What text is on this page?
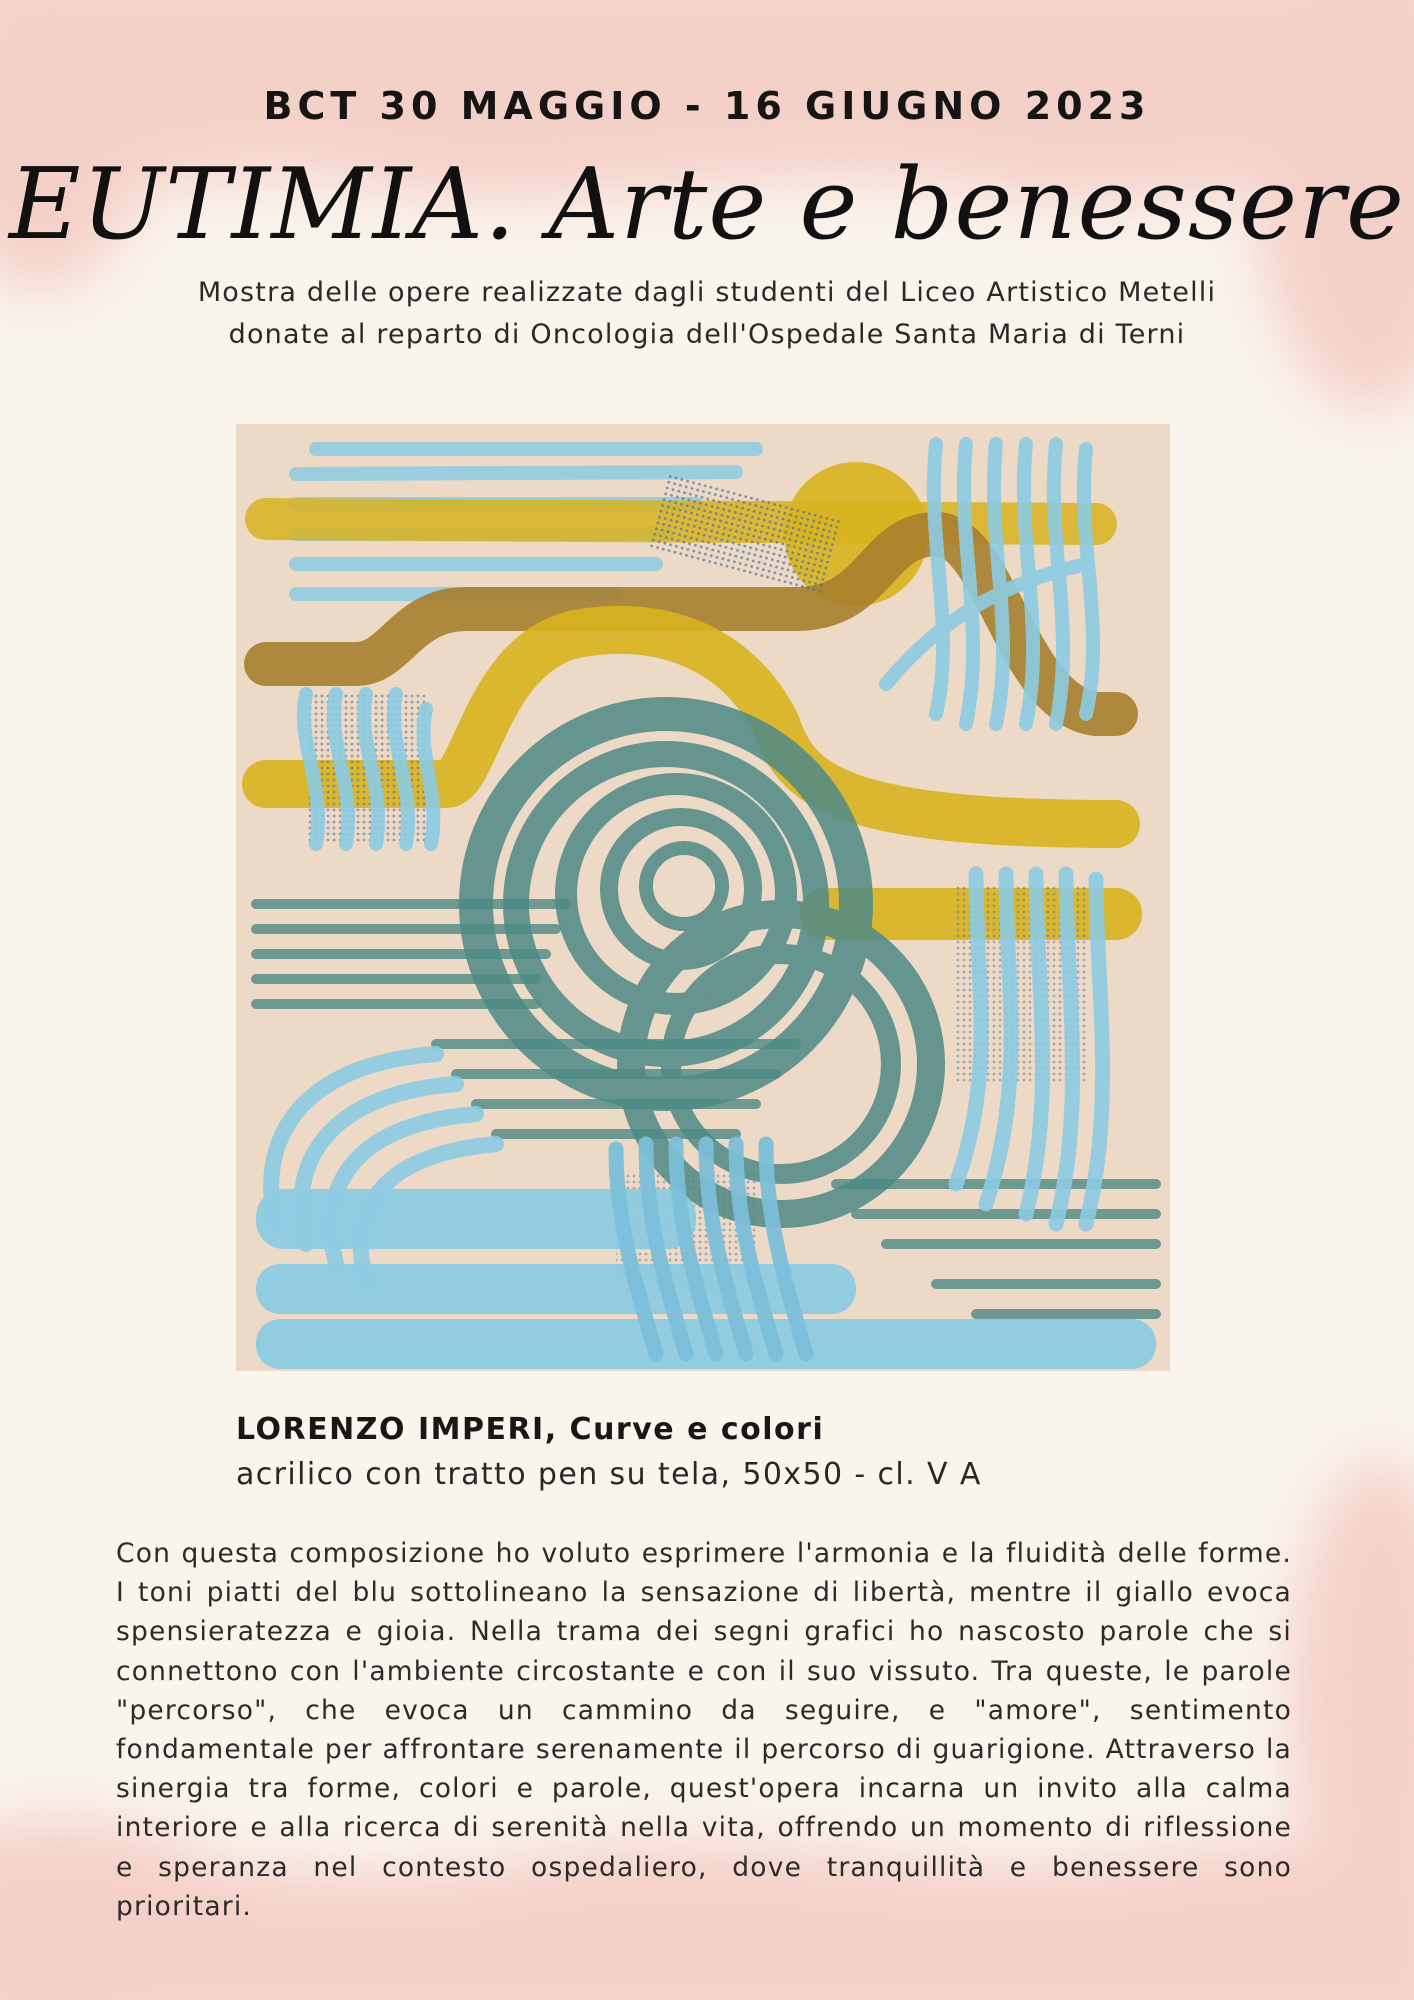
BCT 30 MAGGIO - 16 GIUGNO 2023
EUTIMIA. Arte e benessere

Mostra delle opere realizzate dagli studenti del Liceo Artistico Metelli
donate al reparto di Oncologia dell'Ospedale Santa Maria di Terni

LORENZO IMPERI, Curve e colori

acrilico con tratto pen su tela, 50x50 - cl. V A

Con questa composizione ho voluto esprimere l'armonia e la fluidità delle forme. I toni piatti del blu sottolineano la sensazione di libertà, mentre il giallo evoca spensieratezza e gioia. Nella trama dei segni grafici ho nascosto parole che si connettono con l'ambiente circostante e con il suo vissuto. Tra queste, le parole "percorso", che evoca un cammino da seguire, e "amore", sentimento fondamentale per affrontare serenamente il percorso di guarigione. Attraverso la sinergia tra forme, colori e parole, quest'opera incarna un invito alla calma interiore e alla ricerca di serenità nella vita, offrendo un momento di riflessione e speranza nel contesto ospedaliero, dove tranquillità e benessere sono prioritari.
